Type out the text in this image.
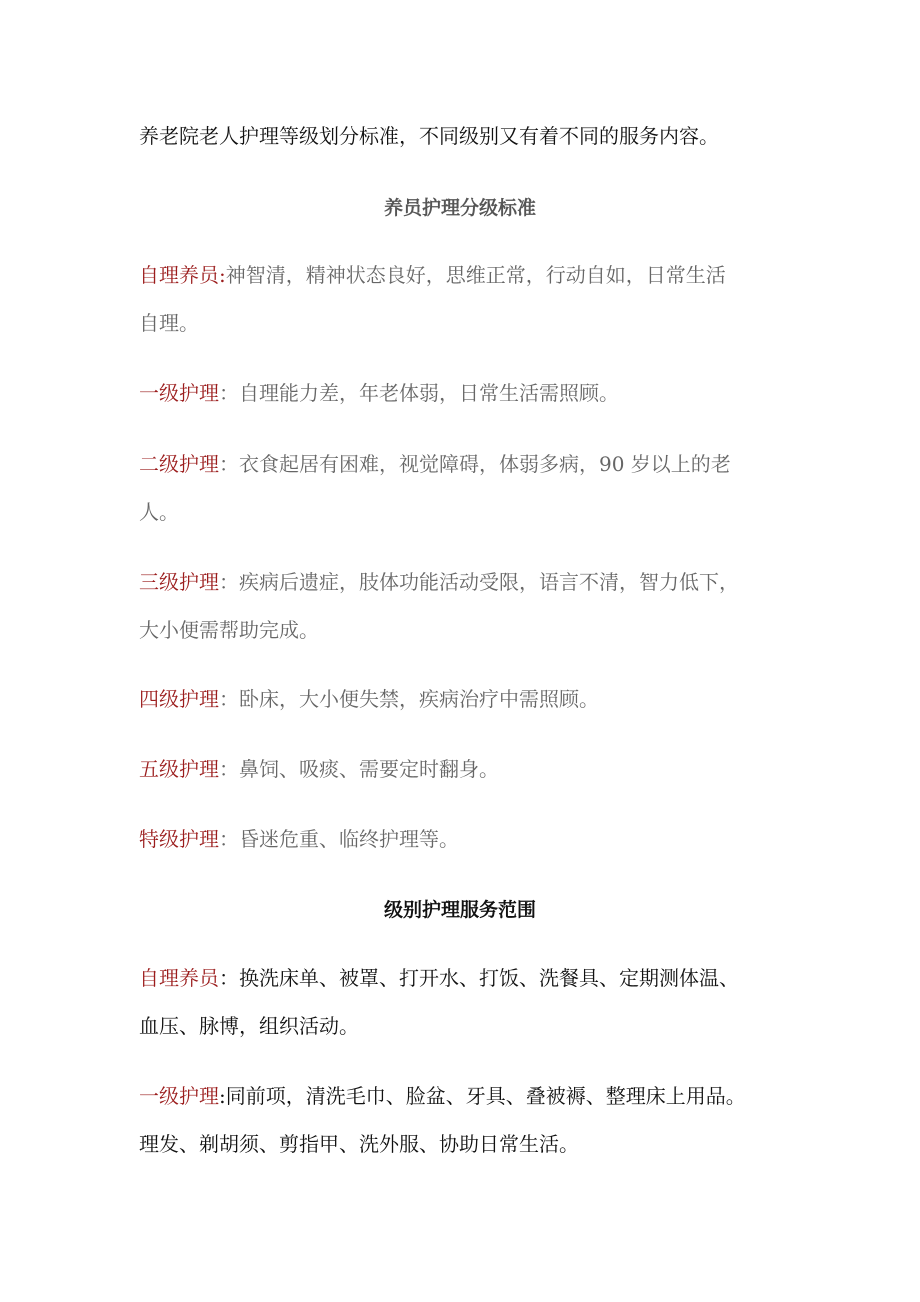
养老院老人护理等级划分标准，不同级别又有着不同的服务内容。
养员护理分级标准
自理养员:神智清，精神状态良好，思维正常，行动自如，日常生活
自理。
一级护理：自理能力差，年老体弱，日常生活需照顾。
二级护理：衣食起居有困难，视觉障碍，体弱多病，90 岁以上的老
人。
三级护理：疾病后遗症，肢体功能活动受限，语言不清，智力低下，
大小便需帮助完成。
四级护理：卧床，大小便失禁，疾病治疗中需照顾。
五级护理：鼻饲、吸痰、需要定时翻身。
特级护理：昏迷危重、临终护理等。
级别护理服务范围
自理养员：换洗床单、被罩、打开水、打饭、洗餐具、定期测体温、
血压、脉博，组织活动。
一级护理:同前项，清洗毛巾、脸盆、牙具、叠被褥、整理床上用品。
理发、剃胡须、剪指甲、洗外服、协助日常生活。
